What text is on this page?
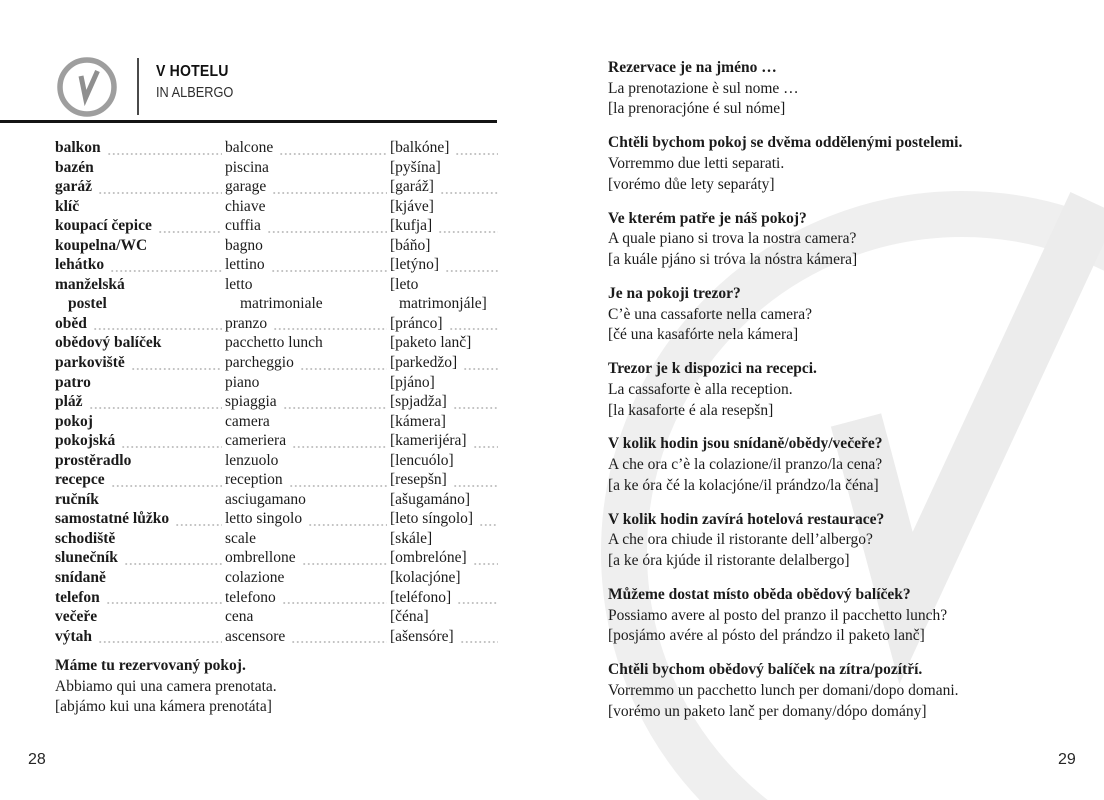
V HOTELU
IN ALBERGO
balkon	balcone	[balkóne]
bazén	piscina	[pyšína]
garáž	garage	[garáž]
klíč	chiave	[kjáve]
koupací čepice	cuffia	[kufja]
koupelna/WC	bagno	[báňo]
lehátko	lettino	[letýno]
manželská	letto	[leto
postel	matrimoniale	matrimonjále]
oběd	pranzo	[pránco]
obědový balíček	pacchetto lunch	[paketo lanč]
parkoviště	parcheggio	[parkedžo]
patro	piano	[pjáno]
pláž	spiaggia	[spjadža]
pokoj	camera	[kámera]
pokojská	cameriera	[kamerijéra]
prostěradlo	lenzuolo	[lencuólo]
recepce	reception	[resepšn]
ručník	asciugamano	[ašugamáno]
samostatné lůžko	letto singolo	[leto síngolo]
schodiště	scale	[skále]
slunečník	ombrellone	[ombrelóne]
snídaně	colazione	[kolacjóne]
telefon	telefono	[teléfono]
večeře	cena	[čéna]
výtah	ascensore	[ašensóre]
Máme tu rezervovaný pokoj.
Abbiamo qui una camera prenotata.
[abjámo kui una kámera prenotáta]
28
Rezervace je na jméno …
La prenotazione è sul nome …
[la prenoracjóne é sul nóme]
Chtěli bychom pokoj se dvěma oddělenými postelemi.
Vorremmo due letti separati.
[vorémo důe lety separáty]
Ve kterém patře je náš pokoj?
A quale piano si trova la nostra camera?
[a kuále pjáno si tróva la nóstra kámera]
Je na pokoji trezor?
C’è una cassaforte nella camera?
[čé una kasafórte nela kámera]
Trezor je k dispozici na recepci.
La cassaforte è alla reception.
[la kasaforte é ala resepšn]
V kolik hodin jsou snídaně/obědy/večeře?
A che ora c’è la colazione/il pranzo/la cena?
[a ke óra čé la kolacjóne/il prándzo/la čéna]
V kolik hodin zavírá hotelová restaurace?
A che ora chiude il ristorante dell’albergo?
[a ke óra kjúde il ristorante delalbergo]
Můžeme dostat místo oběda obědový balíček?
Possiamo avere al posto del pranzo il pacchetto lunch?
[posjámo avére al pósto del prándzo il paketo lanč]
Chtěli bychom obědový balíček na zítra/pozítří.
Vorremmo un pacchetto lunch per domani/dopo domani.
[vorémo un paketo lanč per domany/dópo domány]
29
